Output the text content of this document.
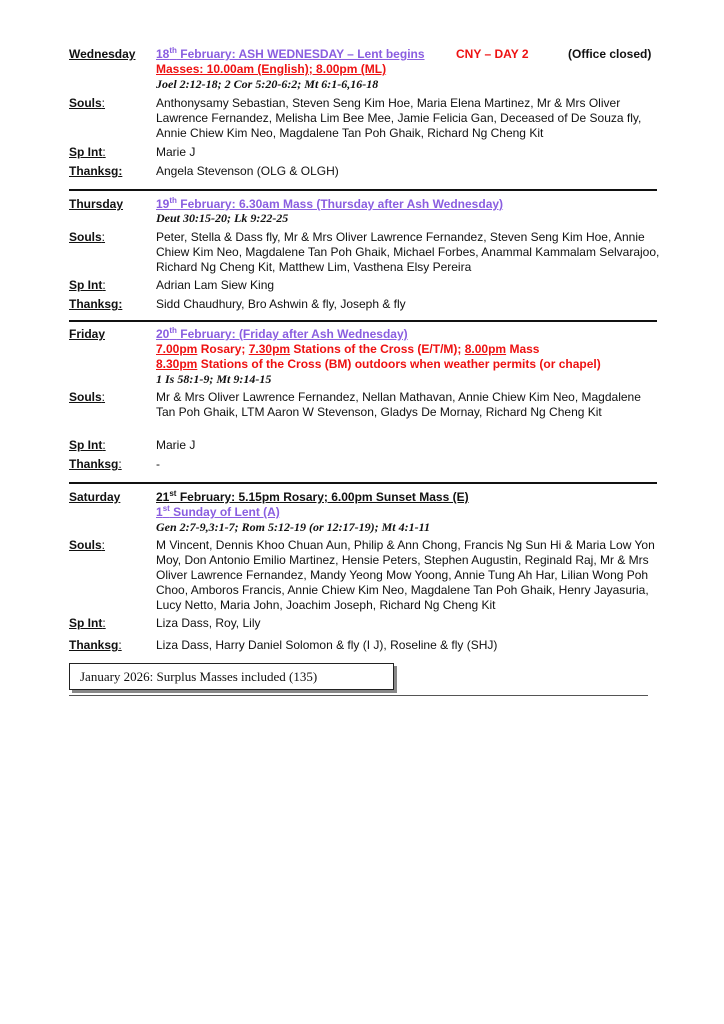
Wednesday 18th February: ASH WEDNESDAY – Lent begins	CNY – DAY 2	(Office closed)
Masses: 10.00am (English); 8.00pm (ML)
Joel 2:12-18; 2 Cor 5:20-6:2; Mt 6:1-6,16-18
Souls:	Anthonysamy Sebastian, Steven Seng Kim Hoe, Maria Elena Martinez, Mr & Mrs Oliver Lawrence Fernandez, Melisha Lim Bee Mee, Jamie Felicia Gan, Deceased of De Souza fly, Annie Chiew Kim Neo, Magdalene Tan Poh Ghaik, Richard Ng Cheng Kit
Sp Int:	Marie J
Thanksg:	Angela Stevenson (OLG & OLGH)
Thursday	19th February: 6.30am Mass (Thursday after Ash Wednesday)
Deut 30:15-20; Lk 9:22-25
Souls:	Peter, Stella & Dass fly, Mr & Mrs Oliver Lawrence Fernandez, Steven Seng Kim Hoe, Annie Chiew Kim Neo, Magdalene Tan Poh Ghaik, Michael Forbes, Anammal Kammalam Selvarajoo, Richard Ng Cheng Kit, Matthew Lim, Vasthena Elsy Pereira
Sp Int:	Adrian Lam Siew King
Thanksg:	Sidd Chaudhury, Bro Ashwin & fly, Joseph & fly
Friday	20th February: (Friday after Ash Wednesday)
7.00pm Rosary; 7.30pm Stations of the Cross (E/T/M); 8.00pm Mass
8.30pm Stations of the Cross (BM) outdoors when weather permits (or chapel)
1 Is 58:1-9; Mt 9:14-15
Souls:	Mr & Mrs Oliver Lawrence Fernandez, Nellan Mathavan, Annie Chiew Kim Neo, Magdalene Tan Poh Ghaik, LTM Aaron W Stevenson, Gladys De Mornay, Richard Ng Cheng Kit
Sp Int:	Marie J
Thanksg:	-
Saturday	21st February: 5.15pm Rosary; 6.00pm Sunset Mass (E)
1st Sunday of Lent (A)
Gen 2:7-9,3:1-7; Rom 5:12-19 (or 12:17-19); Mt 4:1-11
Souls:	M Vincent, Dennis Khoo Chuan Aun, Philip & Ann Chong, Francis Ng Sun Hi & Maria Low Yon Moy, Don Antonio Emilio Martinez, Hensie Peters, Stephen Augustin, Reginald Raj, Mr & Mrs Oliver Lawrence Fernandez, Mandy Yeong Mow Yoong, Annie Tung Ah Har, Lilian Wong Poh Choo, Amboros Francis, Annie Chiew Kim Neo, Magdalene Tan Poh Ghaik, Henry Jayasuria, Lucy Netto, Maria John, Joachim Joseph, Richard Ng Cheng Kit
Sp Int:	Liza Dass, Roy, Lily
Thanksg:	Liza Dass, Harry Daniel Solomon & fly (I J), Roseline & fly (SHJ)
January 2026: Surplus Masses included (135)
